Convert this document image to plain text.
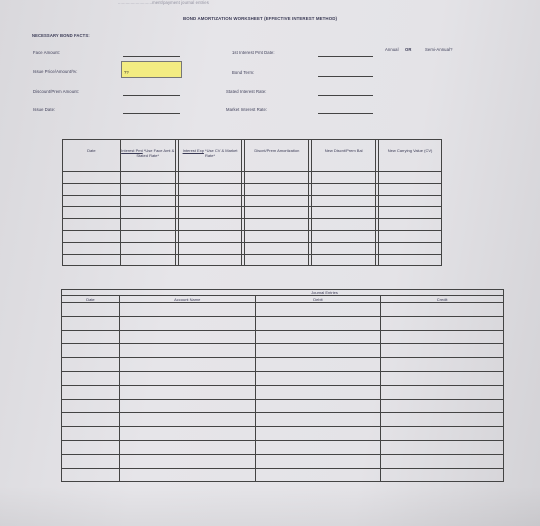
...........................ment/payment journal entries
BOND AMORTIZATION WORKSHEET (EFFECTIVE INTEREST METHOD)
NECESSARY BOND FACTS:
Face Amount:
Issue Price/Amount/%:	??
Discount/Prem Amount:
Issue Date:
1st Interest Pmt Date:
Bond Term:
Stated Interest Rate:
Market Interest Rate:
Annual OR	Semi-Annual?
Date	Interest Pmt *Use Face Amt & Stated Rate*		Interest Exp *Use CV & Market Rate*		Discnt/Prem Amortization		New Discnt/Prem Bal		New Carrying Value (CV)

Journal Entries			
Date	Account Name	Debit	Credit
